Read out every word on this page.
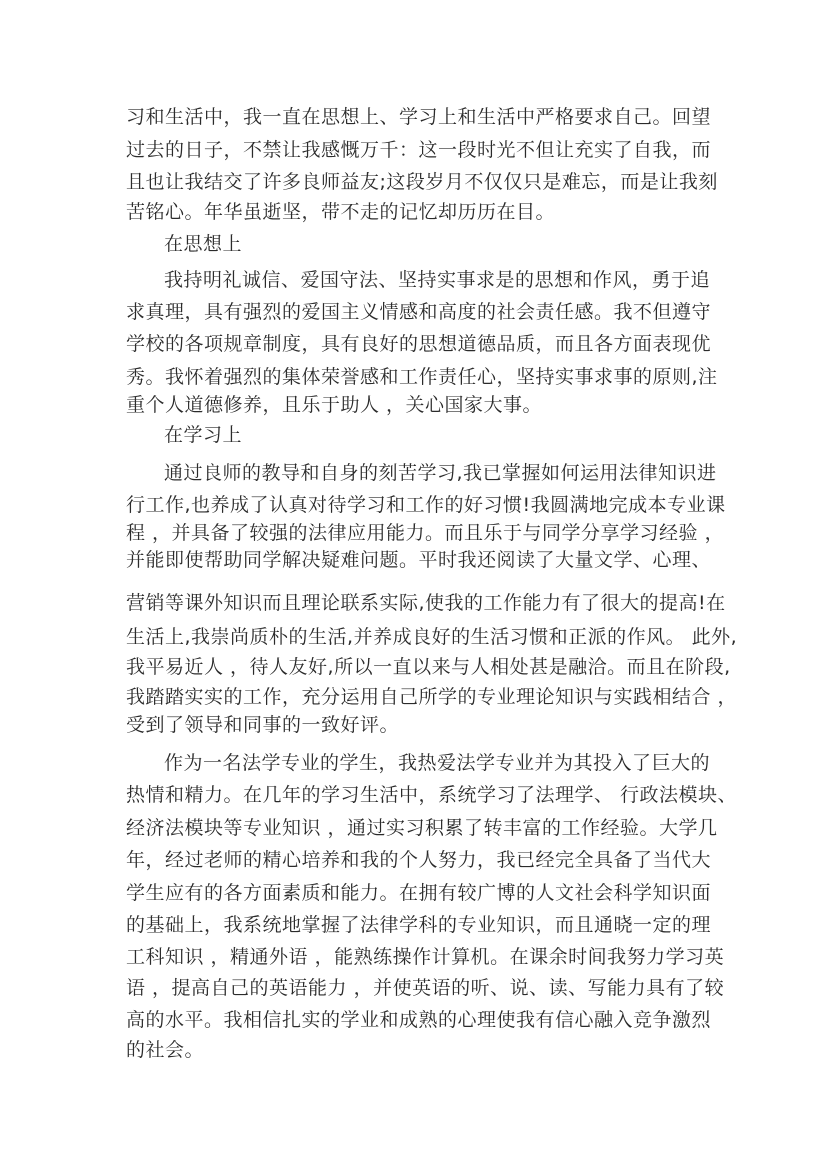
习和生活中，我一直在思想上、学习上和生活中严格要求自己。回望
过去的日子，不禁让我感慨万千：这一段时光不但让充实了自我，而
且也让我结交了许多良师益友;这段岁月不仅仅只是难忘，而是让我刻
苦铭心。年华虽逝坚，带不走的记忆却历历在目。
在思想上
我持明礼诚信、爱国守法、坚持实事求是的思想和作风，勇于追
求真理，具有强烈的爱国主义情感和高度的社会责任感。我不但遵守
学校的各项规章制度，具有良好的思想道德品质，而且各方面表现优
秀。我怀着强烈的集体荣誉感和工作责任心，坚持实事求事的原则,注
重个人道德修养，且乐于助人 ，关心国家大事。
在学习上
通过良师的教导和自身的刻苦学习,我已掌握如何运用法律知识进
行工作,也养成了认真对待学习和工作的好习惯!我圆满地完成本专业课
程 ，并具备了较强的法律应用能力。而且乐于与同学分享学习经验 ，
并能即使帮助同学解决疑难问题。平时我还阅读了大量文学、心理、
营销等课外知识而且理论联系实际,使我的工作能力有了很大的提高!在
生活上,我崇尚质朴的生活,并养成良好的生活习惯和正派的作风。 此外,
我平易近人 ，待人友好,所以一直以来与人相处甚是融洽。而且在阶段,
我踏踏实实的工作，充分运用自己所学的专业理论知识与实践相结合 ，
受到了领导和同事的一致好评。
作为一名法学专业的学生，我热爱法学专业并为其投入了巨大的
热情和精力。在几年的学习生活中，系统学习了法理学、 行政法模块、
经济法模块等专业知识 ，通过实习积累了转丰富的工作经验。大学几
年，经过老师的精心培养和我的个人努力，我已经完全具备了当代大
学生应有的各方面素质和能力。在拥有较广博的人文社会科学知识面
的基础上，我系统地掌握了法律学科的专业知识，而且通晓一定的理
工科知识 ，精通外语 ，能熟练操作计算机。在课余时间我努力学习英
语 ，提高自己的英语能力 ，并使英语的听、说、读、写能力具有了较
高的水平。我相信扎实的学业和成熟的心理使我有信心融入竞争激烈
的社会。
